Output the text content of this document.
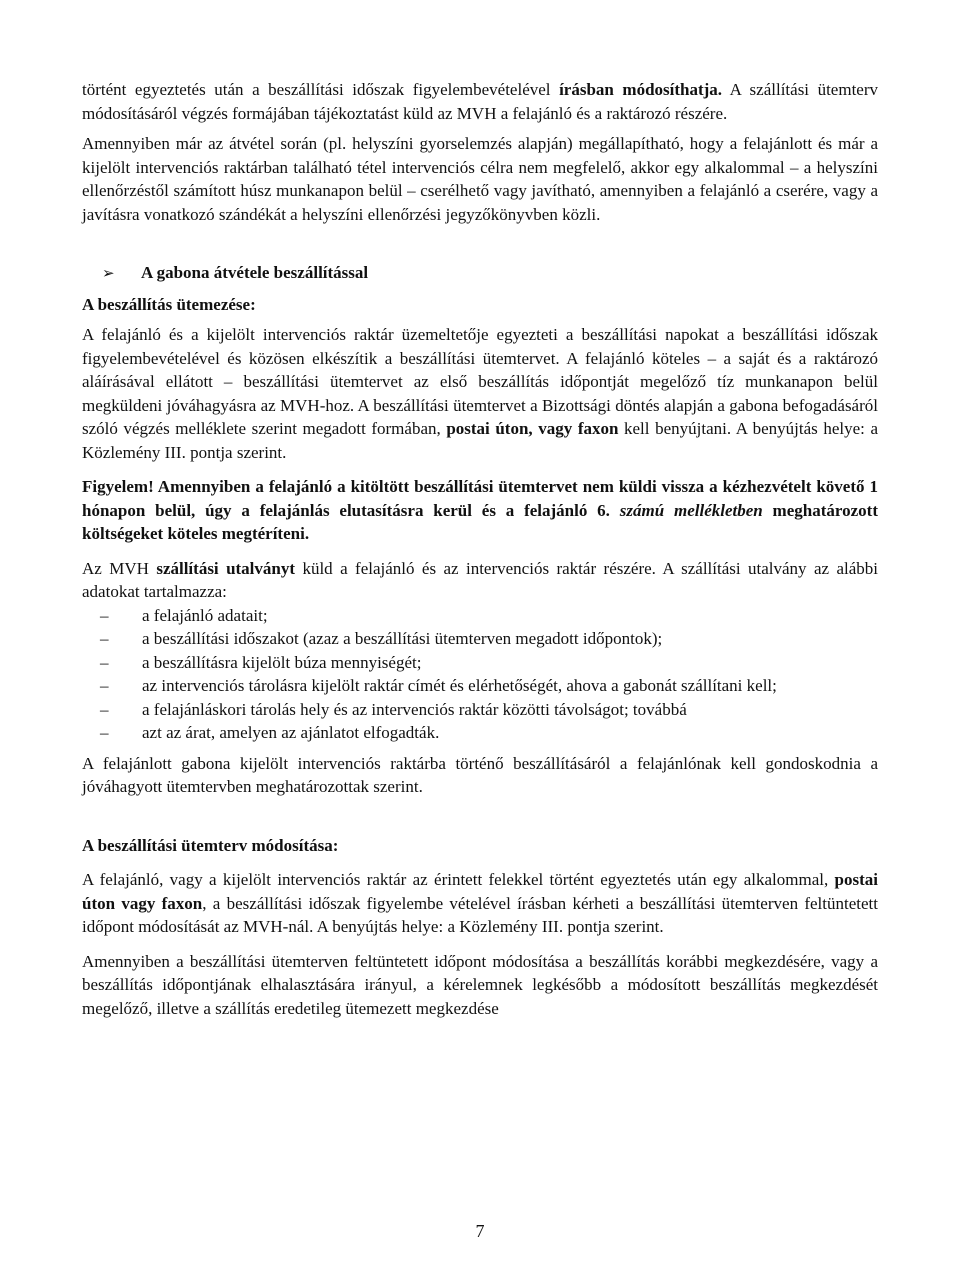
történt egyeztetés után a beszállítási időszak figyelembevételével írásban módosíthatja. A szállítási ütemterv módosításáról végzés formájában tájékoztatást küld az MVH a felajánló és a raktározó részére.

Amennyiben már az átvétel során (pl. helyszíni gyorselemzés alapján) megállapítható, hogy a felajánlott és már a kijelölt intervenciós raktárban található tétel intervenciós célra nem megfelelő, akkor egy alkalommal – a helyszíni ellenőrzéstől számított húsz munkanapon belül – cserélhető vagy javítható, amennyiben a felajánló a cserére, vagy a javításra vonatkozó szándékát a helyszíni ellenőrzési jegyzőkönyvben közli.

➢	A gabona átvétele beszállítással

A beszállítás ütemezése:

A felajánló és a kijelölt intervenciós raktár üzemeltetője egyezteti a beszállítási napokat a beszállítási időszak figyelembevételével és közösen elkészítik a beszállítási ütemtervet. A felajánló köteles – a saját és a raktározó aláírásával ellátott – beszállítási ütemtervet az első beszállítás időpontját megelőző tíz munkanapon belül megküldeni jóváhagyásra az MVH-hoz. A beszállítási ütemtervet a Bizottsági döntés alapján a gabona befogadásáról szóló végzés melléklete szerint megadott formában, postai úton, vagy faxon kell benyújtani. A benyújtás helye: a Közlemény III. pontja szerint.

Figyelem! Amennyiben a felajánló a kitöltött beszállítási ütemtervet nem küldi vissza a kézhezvételt követő 1 hónapon belül, úgy a felajánlás elutasításra kerül és a felajánló 6. számú mellékletben meghatározott költségeket köteles megtéríteni.

Az MVH szállítási utalványt küld a felajánló és az intervenciós raktár részére. A szállítási utalvány az alábbi adatokat tartalmazza:

–	a felajánló adatait;
–	a beszállítási időszakot (azaz a beszállítási ütemterven megadott időpontok);
–	a beszállításra kijelölt búza mennyiségét;
–	az intervenciós tárolásra kijelölt raktár címét és elérhetőségét, ahova a gabonát szállítani kell;
–	a felajánláskori tárolás hely és az intervenciós raktár közötti távolságot; továbbá
–	azt az árat, amelyen az ajánlatot elfogadták.

A felajánlott gabona kijelölt intervenciós raktárba történő beszállításáról a felajánlónak kell gondoskodnia a jóváhagyott ütemtervben meghatározottak szerint.

A beszállítási ütemterv módosítása:

A felajánló, vagy a kijelölt intervenciós raktár az érintett felekkel történt egyeztetés után egy alkalommal, postai úton vagy faxon, a beszállítási időszak figyelembe vételével írásban kérheti a beszállítási ütemterven feltüntetett időpont módosítását az MVH-nál. A benyújtás helye: a Közlemény III. pontja szerint.

Amennyiben a beszállítási ütemterven feltüntetett időpont módosítása a beszállítás korábbi megkezdésére, vagy a beszállítás időpontjának elhalasztására irányul, a kérelemnek legkésőbb a módosított beszállítás megkezdését megelőző, illetve a szállítás eredetileg ütemezett megkezdése

7
